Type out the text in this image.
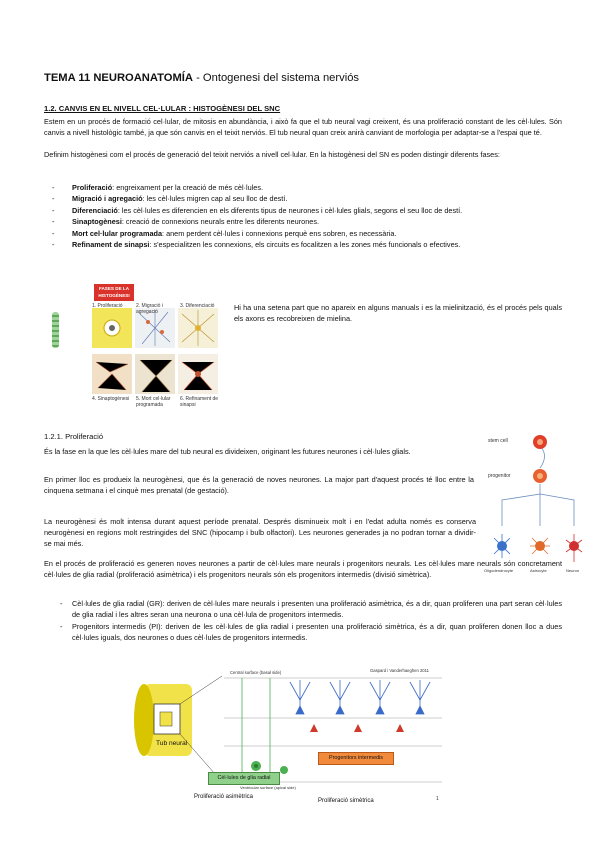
TEMA 11 NEUROANATOMÍA - Ontogenesi del sistema nerviós
1.2. CANVIS EN EL NIVELL CEL·LULAR : HISTOGÈNESI DEL SNC
Estem en un procés de formació cel·lular, de mitosis en abundància, i això fa que el tub neural vagi creixent, és una proliferació constant de les cèl·lules. Són canvis a nivell histològic també, ja que són canvis en el teixit nerviós. El tub neural quan creix anirà canviant de morfologia per adaptar-se a l'espai que té.
Definim histogènesi com el procés de generació del teixit nerviós a nivell cel·lular. En la histogènesi del SN es poden distingir diferents fases:
- Proliferació: engreixament per la creació de més cèl·lules.
- Migració i agregació: les cèl·lules migren cap al seu lloc de destí.
- Diferenciació: les cèl·lules es diferencien en els diferents tipus de neurones i cèl·lules glials, segons el seu lloc de destí.
- Sinaptogènesi: creació de connexions neurals entre les diferents neurones.
- Mort cel·lular programada: anem perdent cèl·lules i connexions perquè ens sobren, es necessària.
- Refinament de sinapsi: s'especialitzen les connexions, els circuits es focalitzen a les zones més funcionals o efectives.
FASES DE LA HISTOGÈNESI
1. Proliferació	2. Migració i agregació
3. Diferenciació
4. Sinaptogènesi 5. Mort cel·lular programada
6. Refinament de sinapsi
Hi ha una setena part que no apareix en alguns manuals i es la mielinització, és el procés pels quals els axons es recobreixen de mielina.
1.2.1. Proliferació
És la fase en la que les cèl·lules mare del tub neural es divideixen, originant les futures neurones i cèl·lules glials.
En primer lloc es produeix la neurogènesi, que és la generació de noves neurones. La major part d'aquest procés té lloc entre la cinquena setmana i el cinquè mes prenatal (de gestació).
La neurogènesi és molt intensa durant aquest període prenatal. Després disminueix molt i en l'edat adulta només es conserva neurogènesi en regions molt restringides del SNC (hipocamp i bulb olfactori). Les neurones generades ja no podran tornar a dividir-se mai més.
En el procés de proliferació es generen noves neurones a partir de cèl·lules mare neurals i progenitors neurals. Les cèl·lules mare neurals són concretament cèl·lules de glia radial (proliferació asimètrica) i els progenitors neurals són els progenitors intermedis (divisió simètrica).
- Cèl·lules de glia radial (GR): deriven de cèl·lules mare neurals i presenten una proliferació asimètrica, és a dir, quan proliferen una part seran cèl·lules de glia radial i les altres seran una neurona o una cèl·lula de progenitors intermedis.
- Progenitors intermedis (PI): deriven de les cèl·lules de glia radial i presenten una proliferació simètrica, és a dir, quan proliferen donen lloc a dues cèl·lules iguals, dos neurones o dues cèl·lules de progenitors intermedis.
stem cell
progenitor
Oligodendrocyte	Astrocyte	Neuron
Central surface (basal side)	Gaspard i Vanderhaeghen 2011
Tub neural
Cèl·lules de glia radial
Progenitors intermedis
Ventricular surface (apical side)
Proliferació asimètrica
Proliferació simètrica	1
